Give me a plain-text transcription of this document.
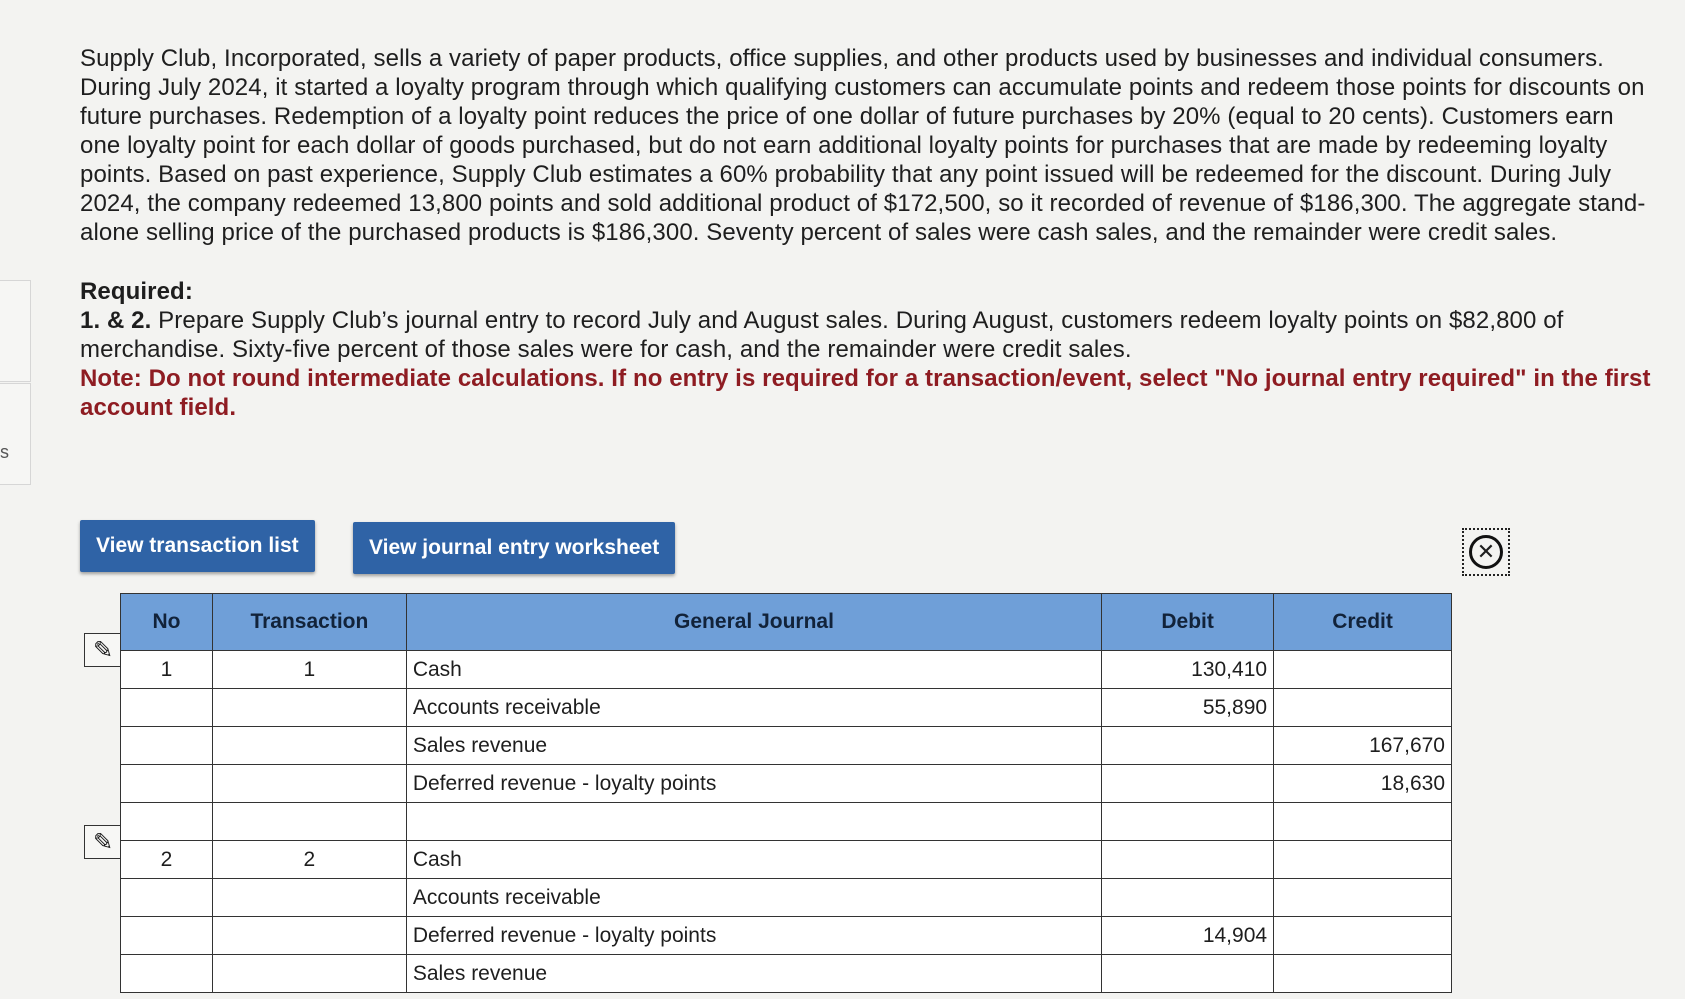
s

Supply Club, Incorporated, sells a variety of paper products, office supplies, and other products used by businesses and individual consumers. During July 2024, it started a loyalty program through which qualifying customers can accumulate points and redeem those points for discounts on future purchases. Redemption of a loyalty point reduces the price of one dollar of future purchases by 20% (equal to 20 cents). Customers earn one loyalty point for each dollar of goods purchased, but do not earn additional loyalty points for purchases that are made by redeeming loyalty points. Based on past experience, Supply Club estimates a 60% probability that any point issued will be redeemed for the discount. During July 2024, the company redeemed 13,800 points and sold additional product of $172,500, so it recorded of revenue of $186,300. The aggregate stand-alone selling price of the purchased products is $186,300. Seventy percent of sales were cash sales, and the remainder were credit sales.

Required:

1. & 2. Prepare Supply Club’s journal entry to record July and August sales. During August, customers redeem loyalty points on $82,800 of merchandise. Sixty-five percent of those sales were for cash, and the remainder were credit sales.

Note: Do not round intermediate calculations. If no entry is required for a transaction/event, select "No journal entry required" in the first account field.

View transaction list	View journal entry worksheet	✕
✎
✎
No	Transaction	General Journal	Debit	Credit
1	1	Cash	130,410	
		Accounts receivable	55,890	
		Sales revenue		167,670
		Deferred revenue - loyalty points		18,630

2	2	Cash		
		Accounts receivable		
		Deferred revenue - loyalty points	14,904	
		Sales revenue		
